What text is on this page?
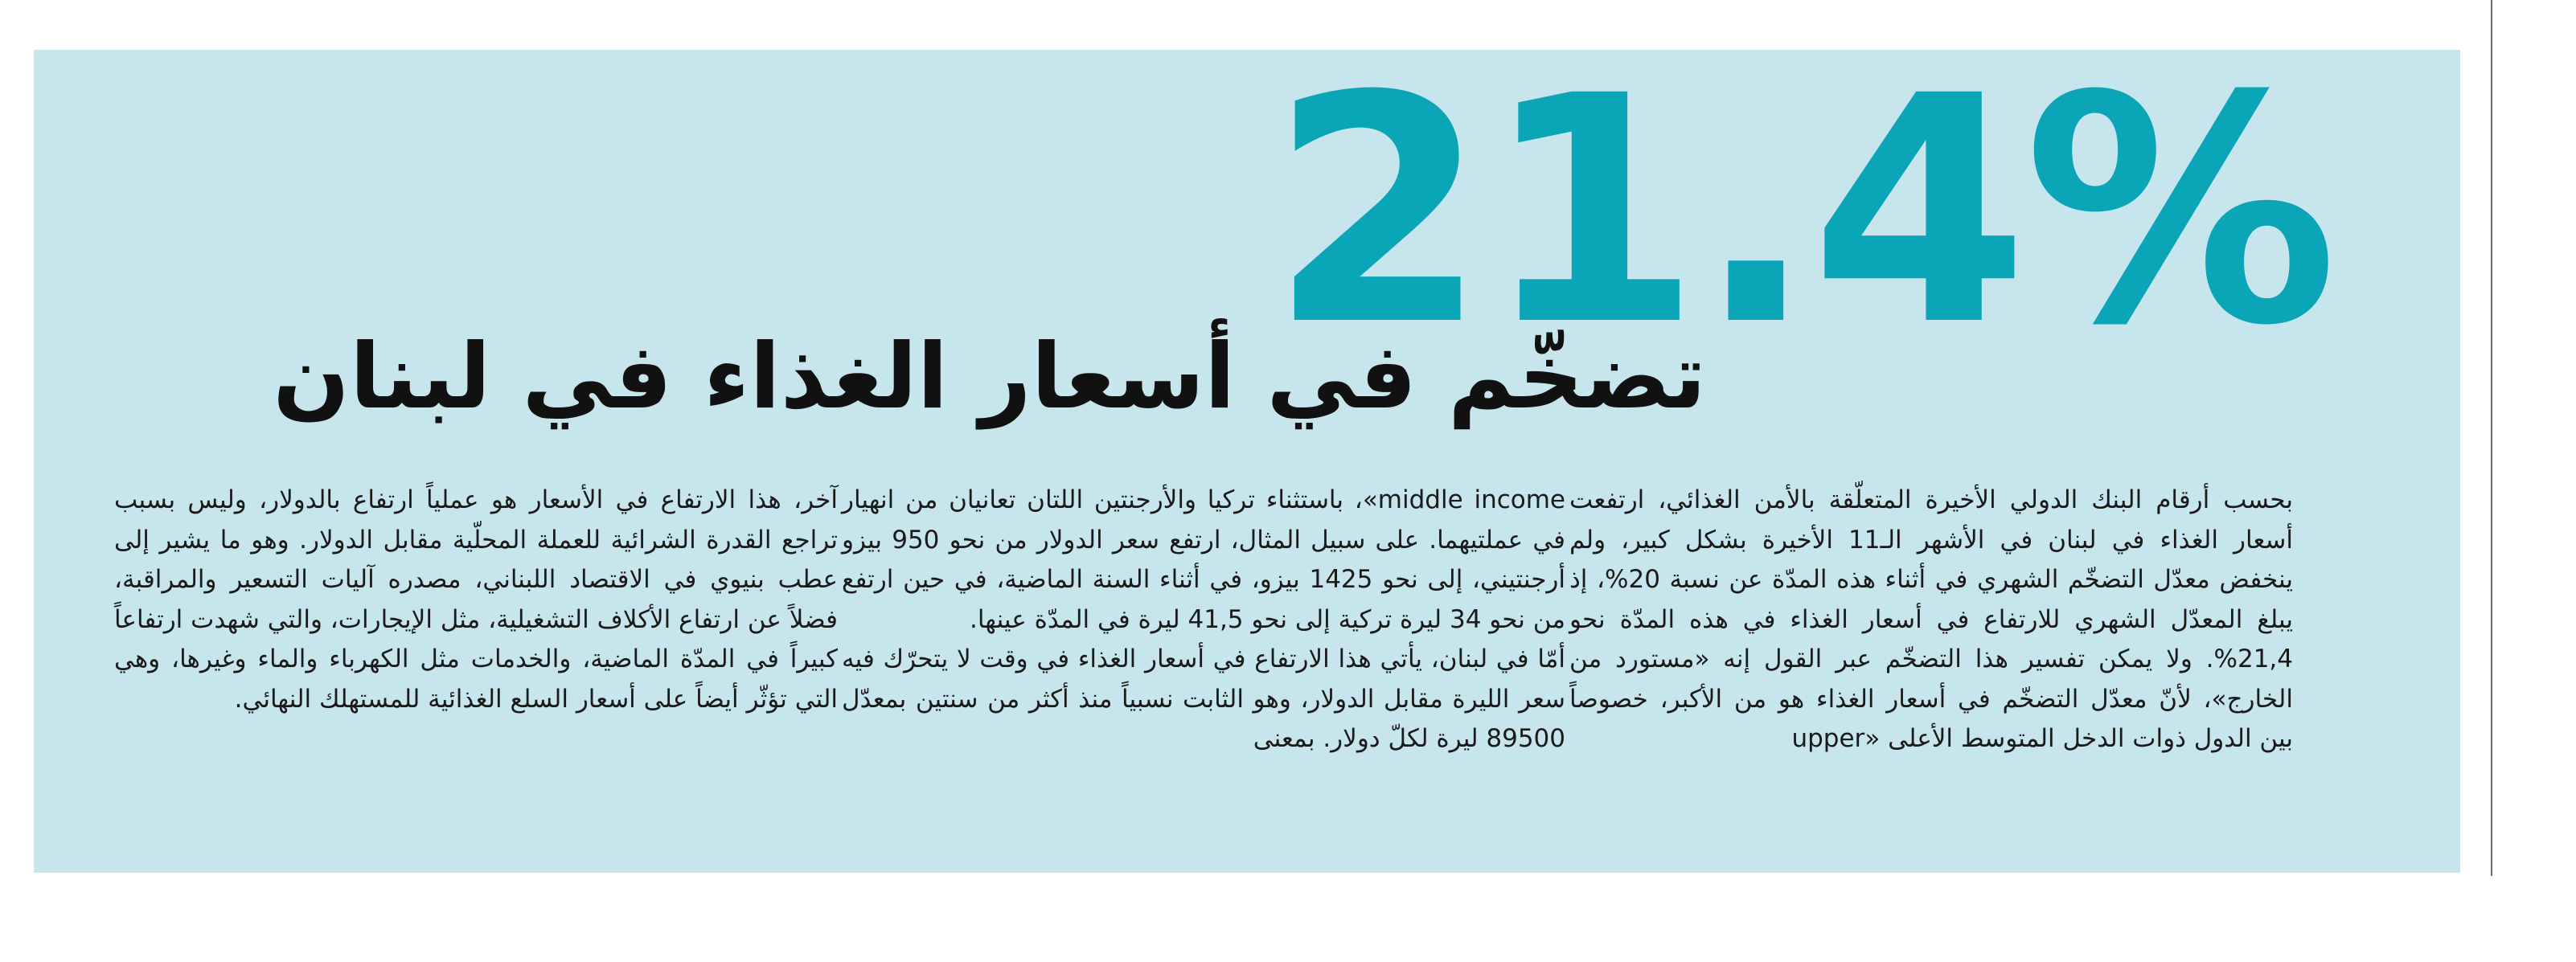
21.4%
تضخّم في أسعار الغذاء في لبنان

بحسب أرقام البنك الدولي الأخيرة المتعلّقة بالأمن الغذائي، ارتفعت أسعار الغذاء في لبنان في الأشهر الـ11 الأخيرة بشكل كبير، ولم ينخفض معدّل التضخّم الشهري في أثناء هذه المدّة عن نسبة 20%، إذ يبلغ المعدّل الشهري للارتفاع في أسعار الغذاء في هذه المدّة نحو 21,4%. ولا يمكن تفسير هذا التضخّم عبر القول إنه «مستورد من الخارج»، لأنّ معدّل التضخّم في أسعار الغذاء هو من الأكبر، خصوصاً بين الدول ذوات الدخل المتوسط الأعلى «upper

middle income»، باستثناء تركيا والأرجنتين اللتان تعانيان من انهيار في عملتيهما. على سبيل المثال، ارتفع سعر الدولار من نحو 950 بيزو أرجنتيني، إلى نحو 1425 بيزو، في أثناء السنة الماضية، في حين ارتفع من نحو 34 ليرة تركية إلى نحو 41,5 ليرة في المدّة عينها.

أمّا في لبنان، يأتي هذا الارتفاع في أسعار الغذاء في وقت لا يتحرّك فيه سعر الليرة مقابل الدولار، وهو الثابت نسبياً منذ أكثر من سنتين بمعدّل 89500 ليرة لكلّ دولار. بمعنى

آخر، هذا الارتفاع في الأسعار هو عملياً ارتفاع بالدولار، وليس بسبب تراجع القدرة الشرائية للعملة المحلّية مقابل الدولار. وهو ما يشير إلى عطب بنيوي في الاقتصاد اللبناني، مصدره آليات التسعير والمراقبة، فضلاً عن ارتفاع الأكلاف التشغيلية، مثل الإيجارات، والتي شهدت ارتفاعاً كبيراً في المدّة الماضية، والخدمات مثل الكهرباء والماء وغيرها، وهي التي تؤثّر أيضاً على أسعار السلع الغذائية للمستهلك النهائي.
